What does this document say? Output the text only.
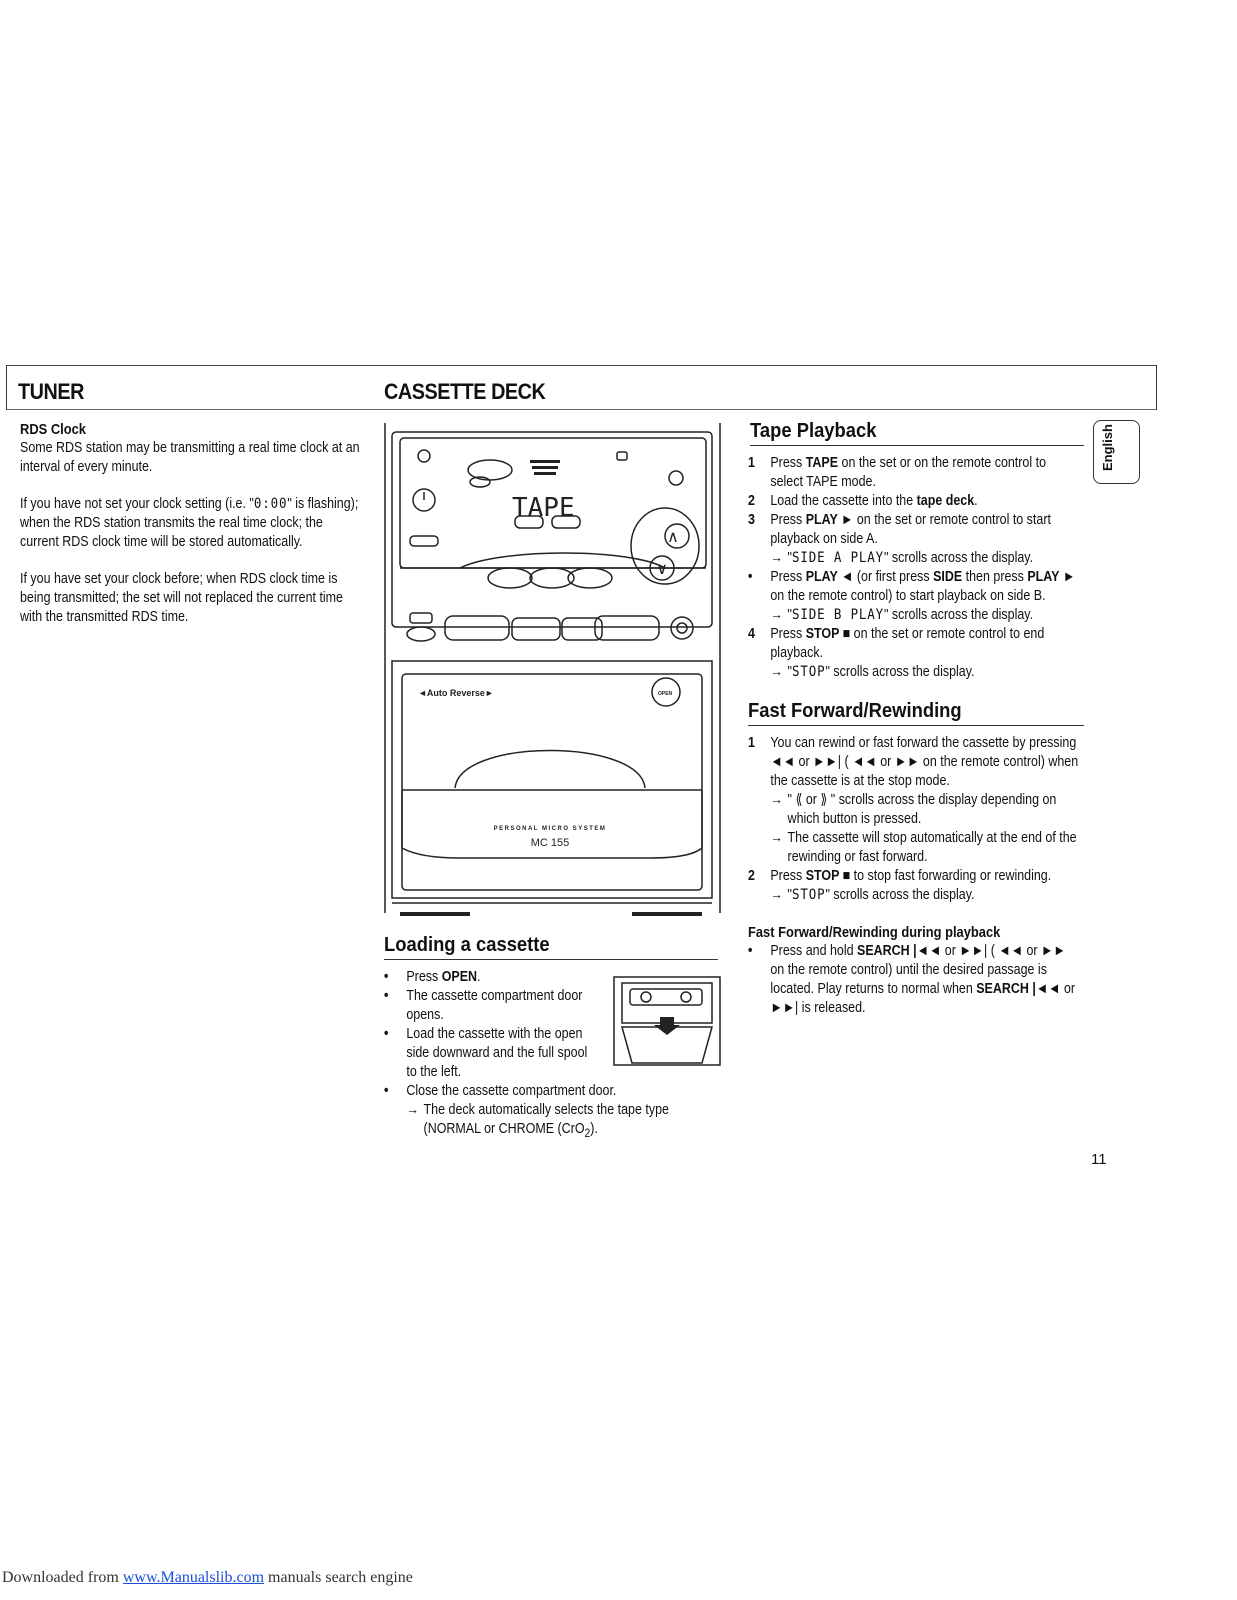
TUNER	CASSETTE DECK
RDS Clock
Some RDS station may be transmitting a real time clock at an interval of every minute.
If you have not set your clock setting (i.e. "0:00" is flashing); when the RDS station transmits the real time clock; the current RDS clock time will be stored automatically.
If you have set your clock before; when RDS clock time is being transmitted; the set will not replaced the current time with the transmitted RDS time.
TAPE
◄Auto Reverse►	OPEN
PERSONAL MICRO SYSTEM
MC 155
∧
∨
Loading a cassette
• Press OPEN.
• The cassette compartment door opens.
• Load the cassette with the open side downward and the full spool to the left.
• Close the cassette compartment door.
→ The deck automatically selects the tape type (NORMAL or CHROME (CrO$_2$).
Tape Playback
1 Press TAPE on the set or on the remote control to select TAPE mode.
2 Load the cassette into the tape deck.
3 Press PLAY ► on the set or remote control to start playback on side A.
→ "SIDE A PLAY" scrolls across the display.
• Press PLAY ◄ (or first press SIDE then press PLAY ► on the remote control) to start playback on side B.
→ "SIDE B PLAY" scrolls across the display.
4 Press STOP ■ on the set or remote control to end playback.
→ "STOP" scrolls across the display.
Fast Forward/Rewinding
1 You can rewind or fast forward the cassette by pressing ◄◄ or ►►| ( ◄◄ or ►► on the remote control) when the cassette is at the stop mode.
→ " ⟪ or ⟫ " scrolls across the display depending on which button is pressed.
→ The cassette will stop automatically at the end of the rewinding or fast forward.
2 Press STOP ■ to stop fast forwarding or rewinding.
→ "STOP" scrolls across the display.
Fast Forward/Rewinding during playback
• Press and hold SEARCH |◄◄ or ►►| ( ◄◄ or ►► on the remote control) until the desired passage is located. Play returns to normal when SEARCH |◄◄ or ►►| is released.
English
11
Downloaded from www.Manualslib.com manuals search engine
